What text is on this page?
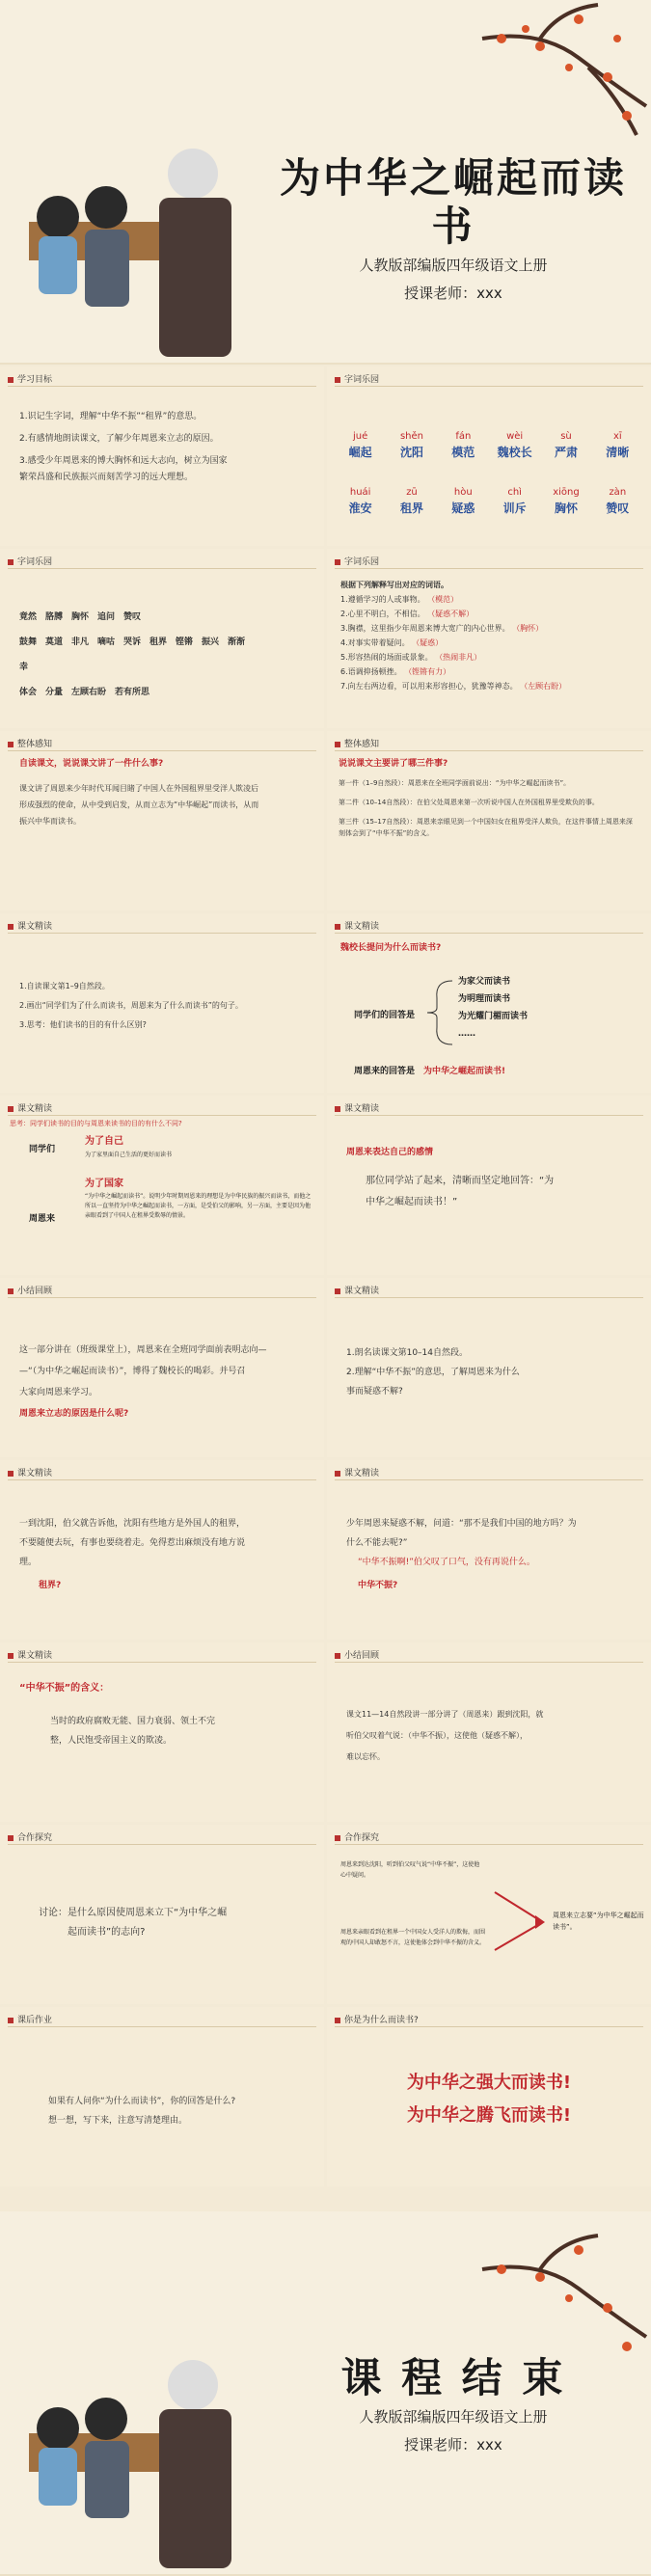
为中华之崛起而读书
人教版部编版四年级语文上册
授课老师：xxx
学习目标
1.识记生字词，理解“中华不振”“租界”的意思。
2.有感情地朗读课文，了解少年周恩来立志的原因。
3.感受少年周恩来的博大胸怀和远大志向，树立为国家
繁荣昌盛和民族振兴而刻苦学习的远大理想。
字词乐园
jué	shěn	fán	wèi	sù	xī
崛起	沈阳	模范	魏校长	严肃	清晰
huái	zū	hòu	chì	xiōng	zàn
淮安	租界	疑惑	训斥	胸怀	赞叹
字词乐园
竟然　胳膊　胸怀　追问　赞叹
鼓舞　莫道　非凡　嘀咕　哭诉　租界　铿锵　振兴　渐渐　
幸
体会　分量　左顾右盼　若有所思
字词乐园
根据下列解释写出对应的词语。
1.遵循学习的人或事物。 （模范）
2.心里不明白，不相信。 （疑惑不解）
3.胸襟，这里指少年周恩来博大宽广的内心世界。 （胸怀）
4.对事实带着疑问。 （疑惑）
5.形容热闹的场面或景象。 （热闹非凡）
6.语调抑扬顿挫。 （铿锵有力）
7.向左右两边看，可以用来形容担心，犹豫等神态。 （左顾右盼）
整体感知
自读课文，说说课文讲了一件什么事?
课文讲了周恩来少年时代耳闻目睹了中国人在外国租界里受洋人欺凌后
形成强烈的使命，从中受到启发，从而立志为“中华崛起”而读书，从而
振兴中华而读书。
整体感知
说说课文主要讲了哪三件事?
第一件（1–9自然段）：周恩来在全班同学面前说出：“为中华之崛起而读书”。
第二件（10–14自然段）：在伯父处周恩来第一次听说中国人在外国租界里受欺负的事。
第三件（15–17自然段）：周恩来亲眼见到一个中国妇女在租界受洋人欺负，在这件事情上周恩来深刻体会到了“中华不振”的含义。
课文精读
1.自读课文第1–9自然段。
2.画出“同学们为了什么而读书，周恩来为了什么而读书”的句子。
3.思考：他们读书的目的有什么区别?
课文精读
魏校长提问为什么而读书?
同学们的回答是
为家父而读书
为明理而读书
为光耀门楣而读书
……
周恩来的回答是　 为中华之崛起而读书!
课文精读
思考：同学们读书的目的与周恩来读书的目的有什么不同?
同学们
为了自己
为了家里面自己生活的更好而读书
周恩来
为了国家
“为中华之崛起而读书”。说明少年时期周恩来的理想是为中华民族的振兴而读书，而他之所以一直坚持为中华之崛起而读书，一方面，是受伯父的影响，另一方面，主要是因为他亲眼看到了中国人在租界受欺辱的情景。
课文精读
周恩来表达自己的感情
那位同学站了起来，清晰而坚定地回答：“为
中华之崛起而读书！”
小结回顾
这一部分讲在（班级课堂上），周恩来在全班同学面前表明志向—
—“（为中华之崛起而读书）”，博得了魏校长的喝彩。并号召
大家向周恩来学习。
周恩来立志的原因是什么呢?
课文精读
1.朗名读课文第10–14自然段。
2.理解“中华不振”的意思，了解周恩来为什么
事而疑惑不解?
课文精读
一到沈阳，伯父就告诉他，沈阳有些地方是外国人的租界，
不要随便去玩，有事也要绕着走。免得惹出麻烦没有地方说
理。
租界?
课文精读
少年周恩来疑惑不解，问道：“那不是我们中国的地方吗？为
什么不能去呢?”
“中华不振啊!”伯父叹了口气，没有再说什么。
中华不振?
课文精读
“中华不振”的含义：
当时的政府腐败无能、国力衰弱、领土不完
整，人民饱受帝国主义的欺凌。
小结回顾
课文11—14自然段讲一部分讲了（周恩来）跟到沈阳，就
听伯父叹着气说：（中华不振），这使他（疑惑不解），
难以忘怀。
合作探究
讨论：是什么原因使周恩来立下“为中华之崛
起而读书”的志向?
合作探究
周恩来到达沈阳，听到伯父叹气说“中华不振”，这使他心中疑问。
周恩来亲眼看到在租界一个中国女人受洋人的欺侮，而围观的中国人却敢怒不言，这使他体会到中华不振的含义。
周恩来立志要“为中华之崛起而读书”。
课后作业
如果有人问你“为什么而读书”，你的回答是什么?
想一想，写下来，注意写清楚理由。
你是为什么而读书?
为中华之强大而读书!
为中华之腾飞而读书!
课 程 结 束
人教版部编版四年级语文上册
授课老师：xxx
